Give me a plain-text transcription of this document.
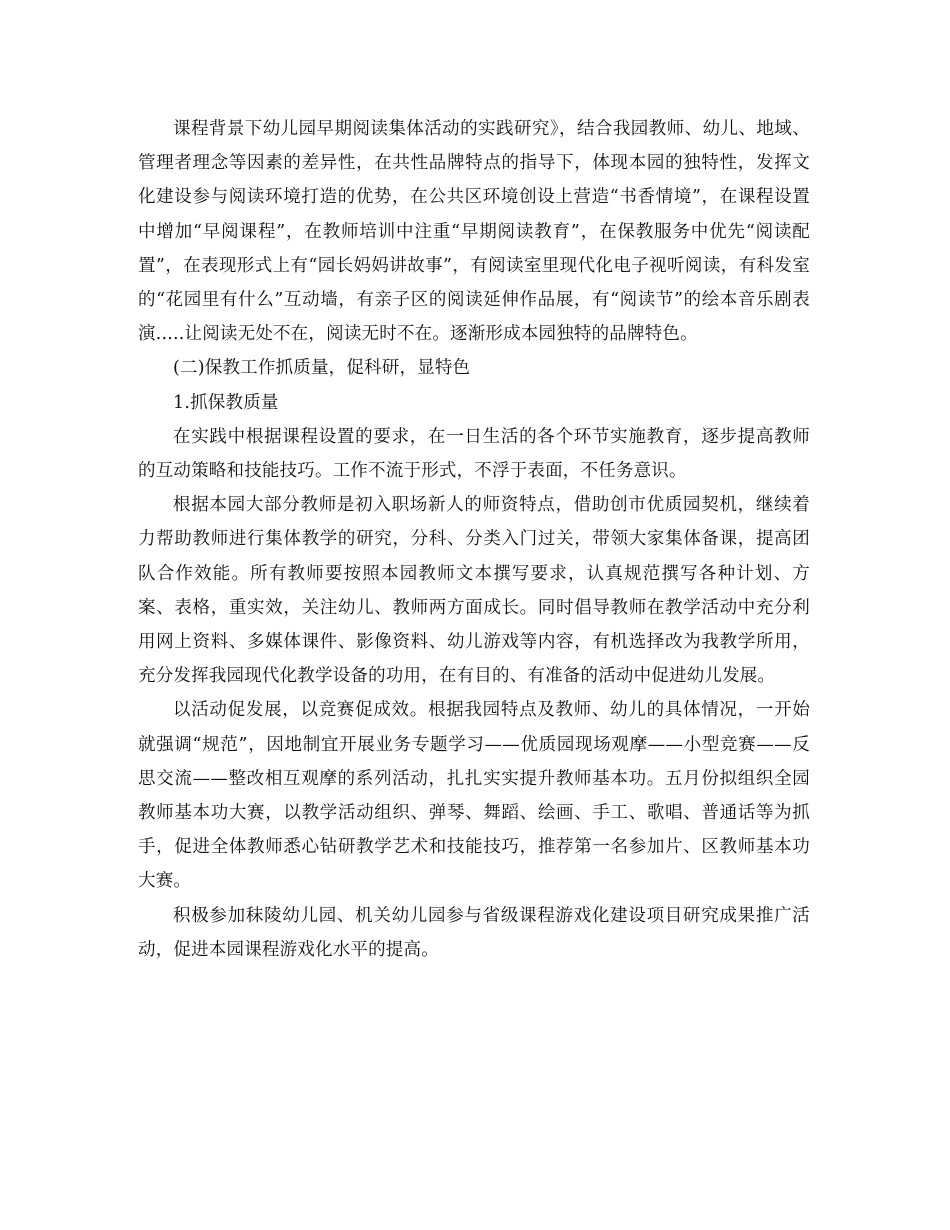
课程背景下幼儿园早期阅读集体活动的实践研究》，结合我园教师、幼儿、地域、管理者理念等因素的差异性，在共性品牌特点的指导下，体现本园的独特性，发挥文化建设参与阅读环境打造的优势，在公共区环境创设上营造“书香情境”，在课程设置中增加“早阅课程”，在教师培训中注重“早期阅读教育”，在保教服务中优先“阅读配置”，在表现形式上有“园长妈妈讲故事”，有阅读室里现代化电子视听阅读，有科发室的“花园里有什么”互动墙，有亲子区的阅读延伸作品展，有“阅读节”的绘本音乐剧表演.....让阅读无处不在，阅读无时不在。逐渐形成本园独特的品牌特色。

(二)保教工作抓质量，促科研，显特色

1.抓保教质量

在实践中根据课程设置的要求，在一日生活的各个环节实施教育，逐步提高教师的互动策略和技能技巧。工作不流于形式，不浮于表面，不任务意识。

根据本园大部分教师是初入职场新人的师资特点，借助创市优质园契机，继续着力帮助教师进行集体教学的研究，分科、分类入门过关，带领大家集体备课，提高团队合作效能。所有教师要按照本园教师文本撰写要求，认真规范撰写各种计划、方案、表格，重实效，关注幼儿、教师两方面成长。同时倡导教师在教学活动中充分利用网上资料、多媒体课件、影像资料、幼儿游戏等内容，有机选择改为我教学所用，充分发挥我园现代化教学设备的功用，在有目的、有准备的活动中促进幼儿发展。

以活动促发展，以竞赛促成效。根据我园特点及教师、幼儿的具体情况，一开始就强调“规范”，因地制宜开展业务专题学习——优质园现场观摩——小型竞赛——反思交流——整改相互观摩的系列活动，扎扎实实提升教师基本功。五月份拟组织全园教师基本功大赛，以教学活动组织、弹琴、舞蹈、绘画、手工、歌唱、普通话等为抓手，促进全体教师悉心钻研教学艺术和技能技巧，推荐第一名参加片、区教师基本功大赛。

积极参加秣陵幼儿园、机关幼儿园参与省级课程游戏化建设项目研究成果推广活动，促进本园课程游戏化水平的提高。
